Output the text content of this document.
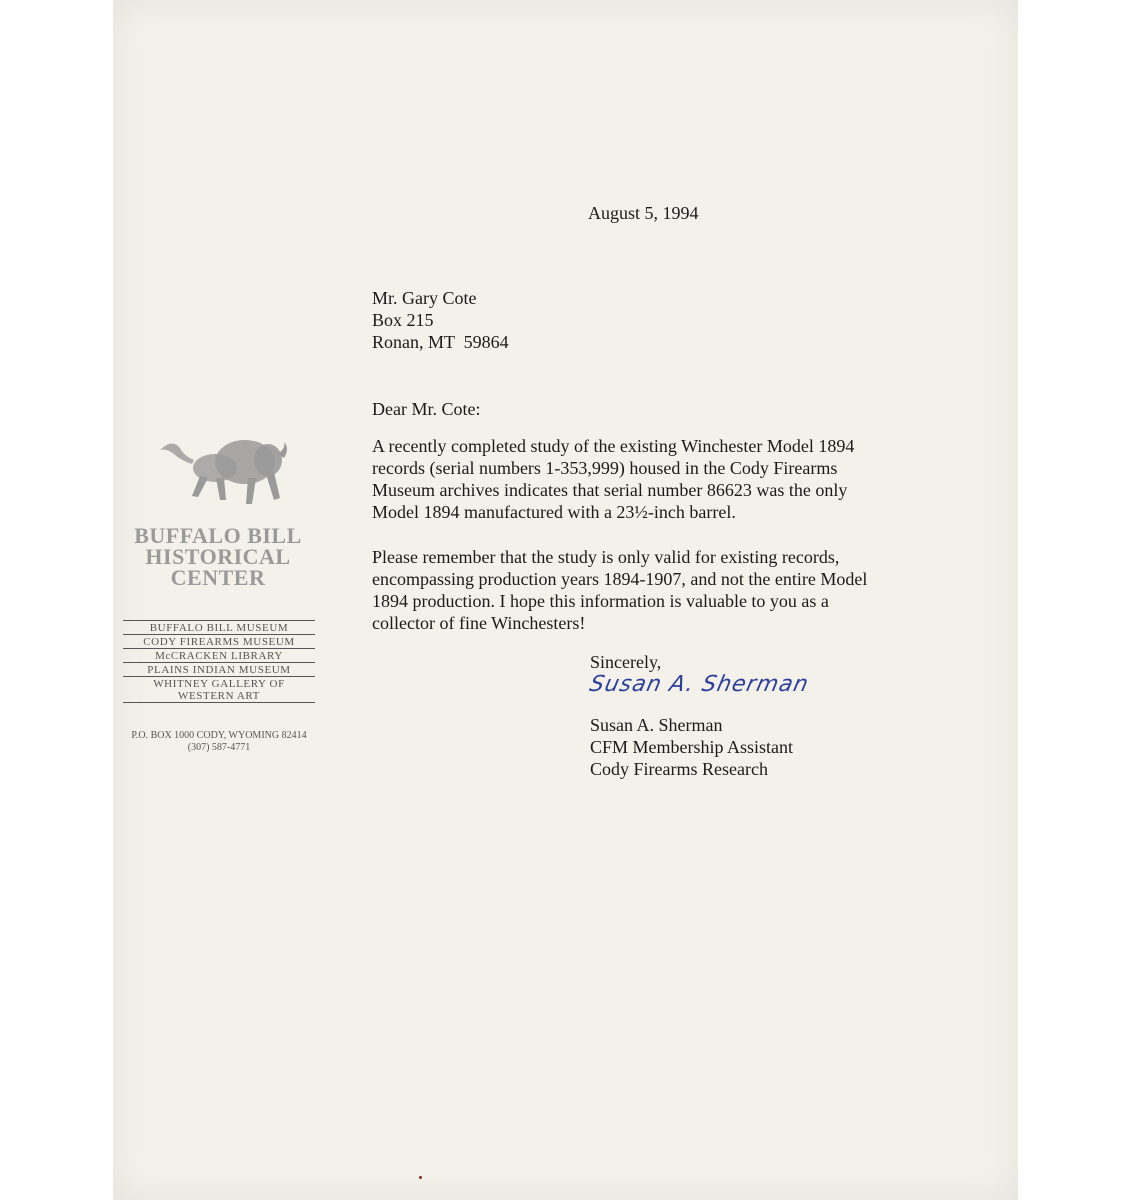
BUFFALO BILL
HISTORICAL
CENTER
BUFFALO BILL MUSEUM
CODY FIREARMS MUSEUM
McCRACKEN LIBRARY
PLAINS INDIAN MUSEUM
WHITNEY GALLERY OF
WESTERN ART
P.O. BOX 1000 CODY, WYOMING 82414
(307) 587-4771
August 5, 1994
Mr. Gary Cote
Box 215
Ronan, MT  59864
Dear Mr. Cote:
A recently completed study of the existing Winchester Model 1894
records (serial numbers 1-353,999) housed in the Cody Firearms
Museum archives indicates that serial number 86623 was the only
Model 1894 manufactured with a 23½-inch barrel.
Please remember that the study is only valid for existing records,
encompassing production years 1894-1907, and not the entire Model
1894 production. I hope this information is valuable to you as a
collector of fine Winchesters!
Sincerely,
Susan A. Sherman
Susan A. Sherman
CFM Membership Assistant
Cody Firearms Research
